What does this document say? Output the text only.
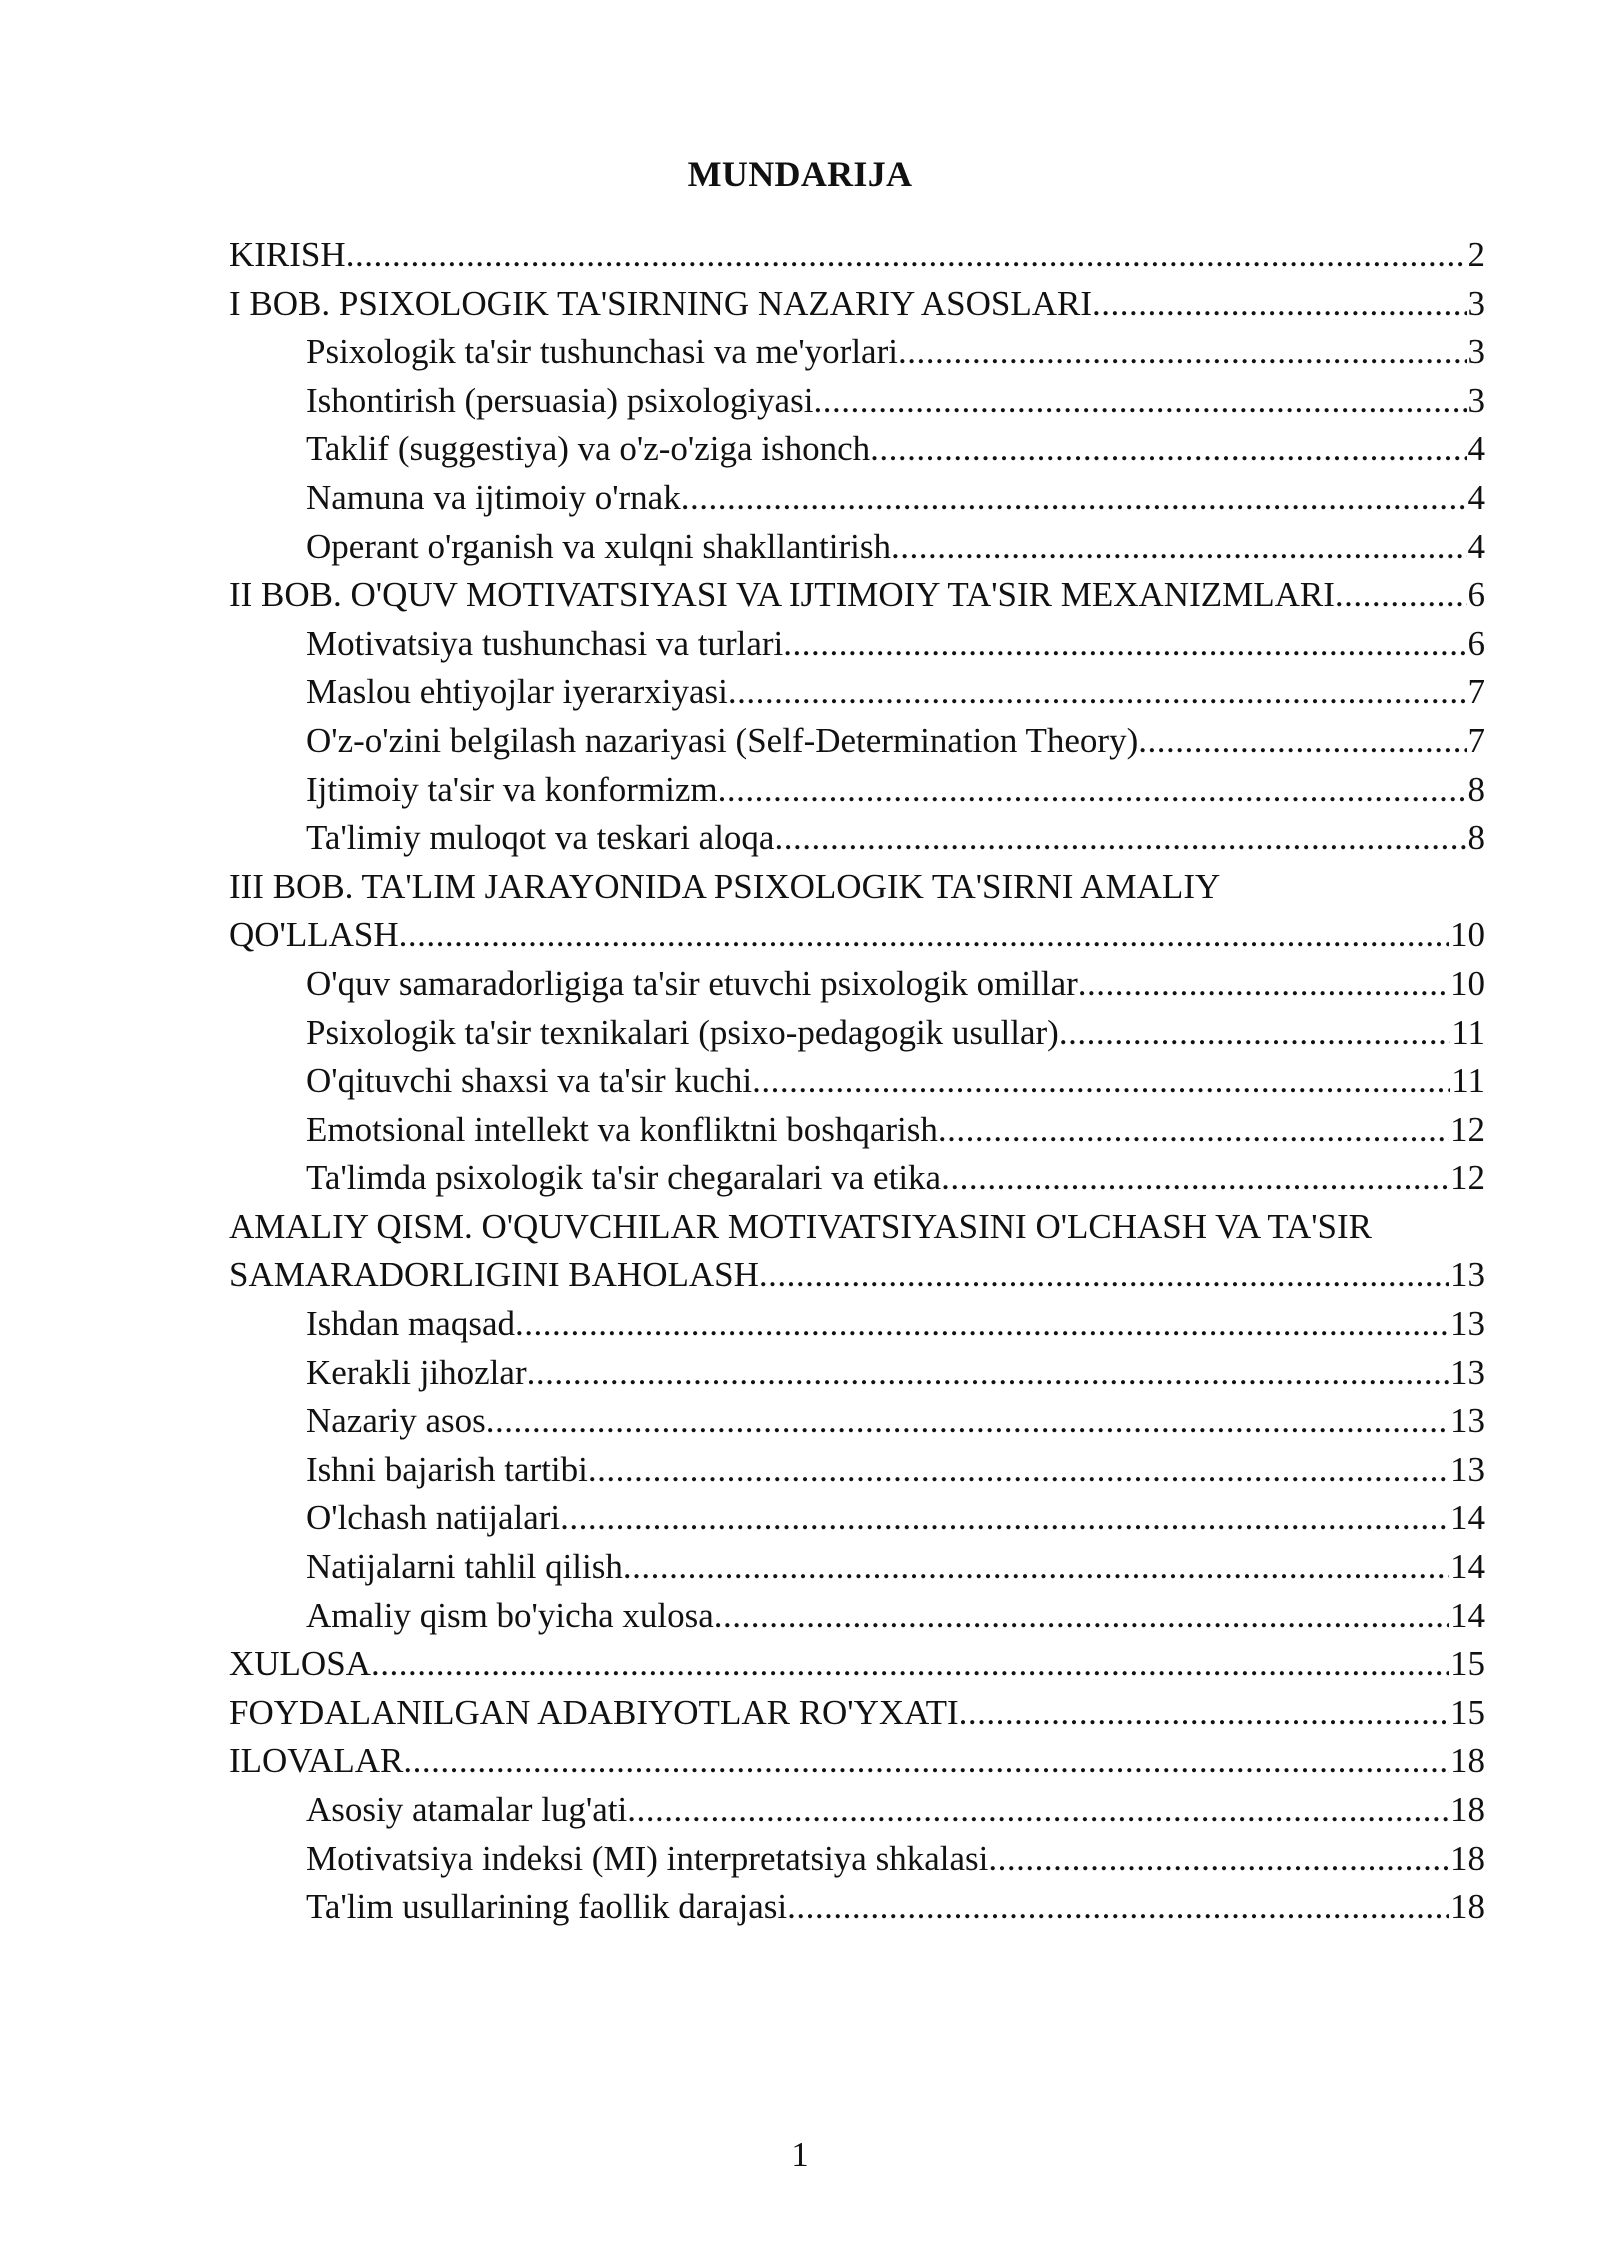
MUNDARIJA
KIRISH .....	2
I BOB. PSIXOLOGIK TA'SIRNING NAZARIY ASOSLARI .....	3
Psixologik ta'sir tushunchasi va me'yorlari .....	3
Ishontirish (persuasia) psixologiyasi .....	3
Taklif (suggestiya) va o'z-o'ziga ishonch .....	4
Namuna va ijtimoiy o'rnak .....	4
Operant o'rganish va xulqni shakllantirish .....	4
II BOB. O'QUV MOTIVATSIYASI VA IJTIMOIY TA'SIR MEXANIZMLARI .....	6
Motivatsiya tushunchasi va turlari .....	6
Maslou ehtiyojlar iyerarxiyasi .....	7
O'z-o'zini belgilash nazariyasi (Self-Determination Theory) .....	7
Ijtimoiy ta'sir va konformizm .....	8
Ta'limiy muloqot va teskari aloqa .....	8
III BOB. TA'LIM JARAYONIDA PSIXOLOGIK TA'SIRNI AMALIY
QO'LLASH .....	10
O'quv samaradorligiga ta'sir etuvchi psixologik omillar .....	10
Psixologik ta'sir texnikalari (psixo-pedagogik usullar) .....	11
O'qituvchi shaxsi va ta'sir kuchi .....	11
Emotsional intellekt va konfliktni boshqarish .....	12
Ta'limda psixologik ta'sir chegaralari va etika .....	12
AMALIY QISM. O'QUVCHILAR MOTIVATSIYASINI O'LCHASH VA TA'SIR
SAMARADORLIGINI BAHOLASH .....	13
Ishdan maqsad .....	13
Kerakli jihozlar .....	13
Nazariy asos .....	13
Ishni bajarish tartibi .....	13
O'lchash natijalari .....	14
Natijalarni tahlil qilish .....	14
Amaliy qism bo'yicha xulosa .....	14
XULOSA .....	15
FOYDALANILGAN ADABIYOTLAR RO'YXATI .....	15
ILOVALAR .....	18
Asosiy atamalar lug'ati .....	18
Motivatsiya indeksi (MI) interpretatsiya shkalasi .....	18
Ta'lim usullarining faollik darajasi .....	18
1
